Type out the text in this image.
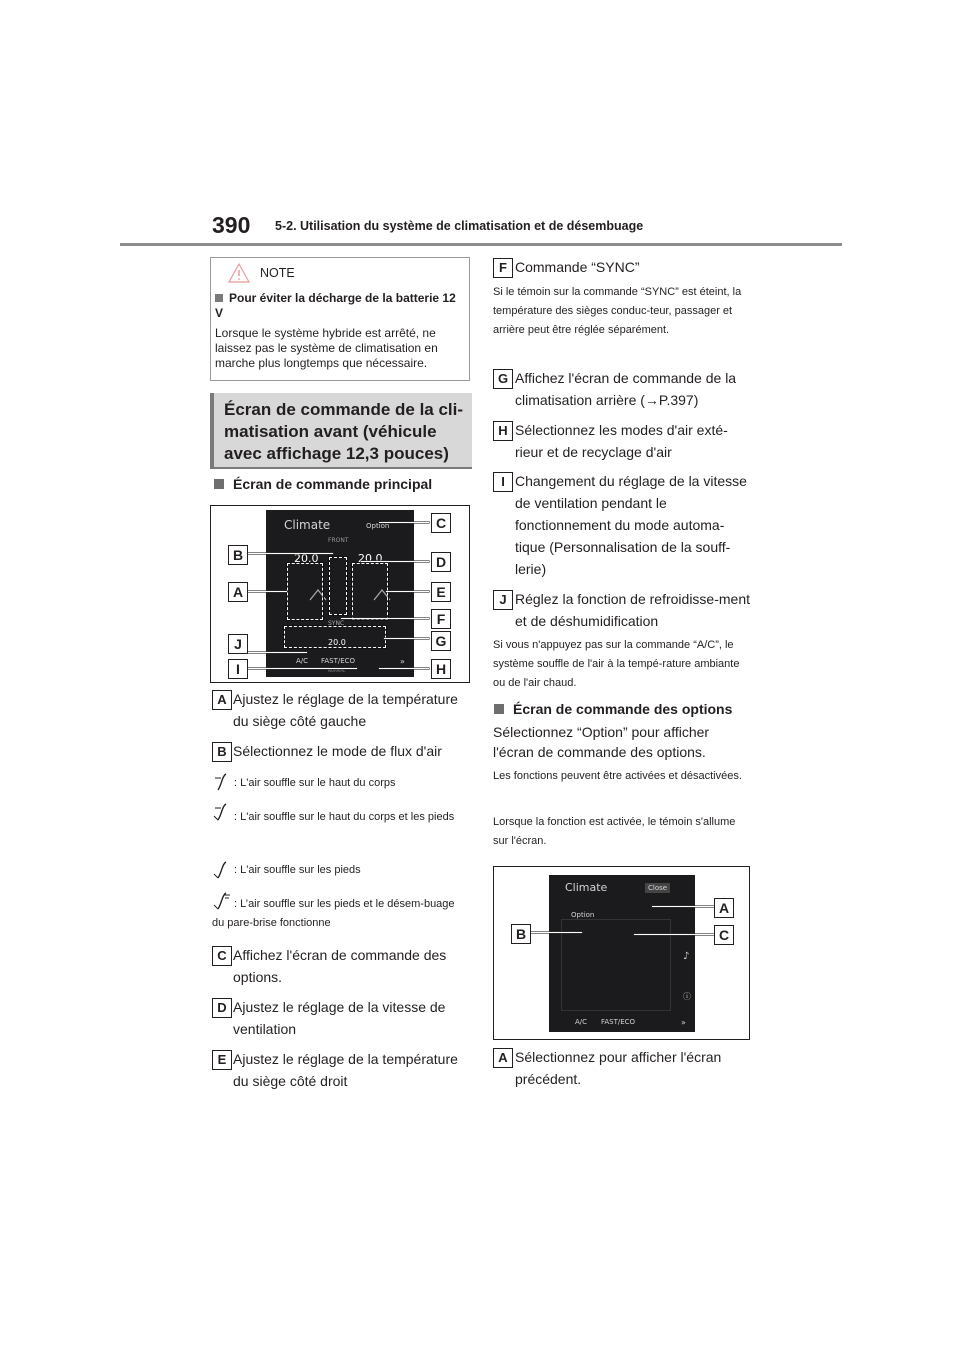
390 5-2. Utilisation du système de climatisation et de désembuage
NOTE
Pour éviter la décharge de la batterie 12 V
Lorsque le système hybride est arrêté, ne laissez pas le système de climatisation en marche plus longtemps que nécessaire.
Écran de commande de la cli-matisation avant (véhicule avec affichage 12,3 pouces)
Écran de commande principal
Climate	Option
FRONT
20.0	20.0
SYNC
20.0
A/C FAST/ECO
NORMAL
»
B
A
J
I
C
D
E
F
G
H
A Ajustez le réglage de la température du siège côté gauche
B Sélectionnez le mode de flux d'air
: L'air souffle sur le haut du corps
: L'air souffle sur le haut du corps et les pieds
: L'air souffle sur les pieds
: L’air souffle sur les pieds et le désem-buage du pare-brise fonctionne
C Affichez l'écran de commande des options.
D Ajustez le réglage de la vitesse de ventilation
E Ajustez le réglage de la température du siège côté droit
F Commande “SYNC”
Si le témoin sur la commande “SYNC” est éteint, la température des sièges conduc-teur, passager et arrière peut être réglée séparément.
G Affichez l'écran de commande de la climatisation arrière (→P.397)
H Sélectionnez les modes d'air exté-rieur et de recyclage d'air
I Changement du réglage de la vitesse de ventilation pendant le fonctionnement du mode automa-tique (Personnalisation de la souff-lerie)
J Réglez la fonction de refroidisse-ment et de déshumidification
Si vous n'appuyez pas sur la commande “A/C”, le système souffle de l'air à la tempé-rature ambiante ou de l'air chaud.
Écran de commande des options
Sélectionnez “Option” pour afficher l'écran de commande des options.
Les fonctions peuvent être activées et désactivées.
Lorsque la fonction est activée, le témoin s'allume sur l'écran.
Climate	Close
Option
A/C FAST/ECO	»
♪
ⓘ
A
B	C
A Sélectionnez pour afficher l'écran précédent.
